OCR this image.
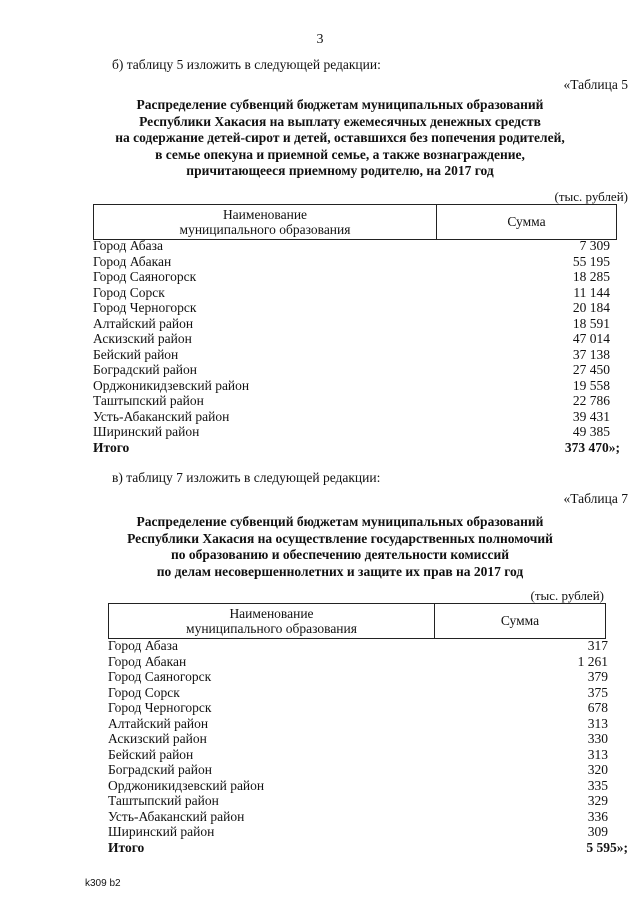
3
б) таблицу 5 изложить в следующей редакции:
«Таблица 5
Распределение субвенций бюджетам муниципальных образований
Республики Хакасия на выплату ежемесячных денежных средств
на содержание детей-сирот и детей, оставшихся без попечения родителей,
в семье опекуна и приемной семье, а также вознаграждение,
причитающееся приемному родителю, на 2017 год
(тыс. рублей)
Наименование
муниципального образования
Сумма
Город Абаза	7 309
Город Абакан	55 195
Город Саяногорск	18 285
Город Сорск	11 144
Город Черногорск	20 184
Алтайский район	18 591
Аскизский район	47 014
Бейский район	37 138
Боградский район	27 450
Орджоникидзевский район	19 558
Таштыпский район	22 786
Усть-Абаканский район	39 431
Ширинский район	49 385
Итого	373 470»;
в) таблицу 7 изложить в следующей редакции:
«Таблица 7
Распределение субвенций бюджетам муниципальных образований
Республики Хакасия на осуществление государственных полномочий
по образованию и обеспечению деятельности комиссий
по делам несовершеннолетних и защите их прав на 2017 год
(тыс. рублей)
Наименование
муниципального образования
Сумма
Город Абаза	317
Город Абакан	1 261
Город Саяногорск	379
Город Сорск	375
Город Черногорск	678
Алтайский район	313
Аскизский район	330
Бейский район	313
Боградский район	320
Орджоникидзевский район	335
Таштыпский район	329
Усть-Абаканский район	336
Ширинский район	309
Итого	5 595»;
k309 b2
